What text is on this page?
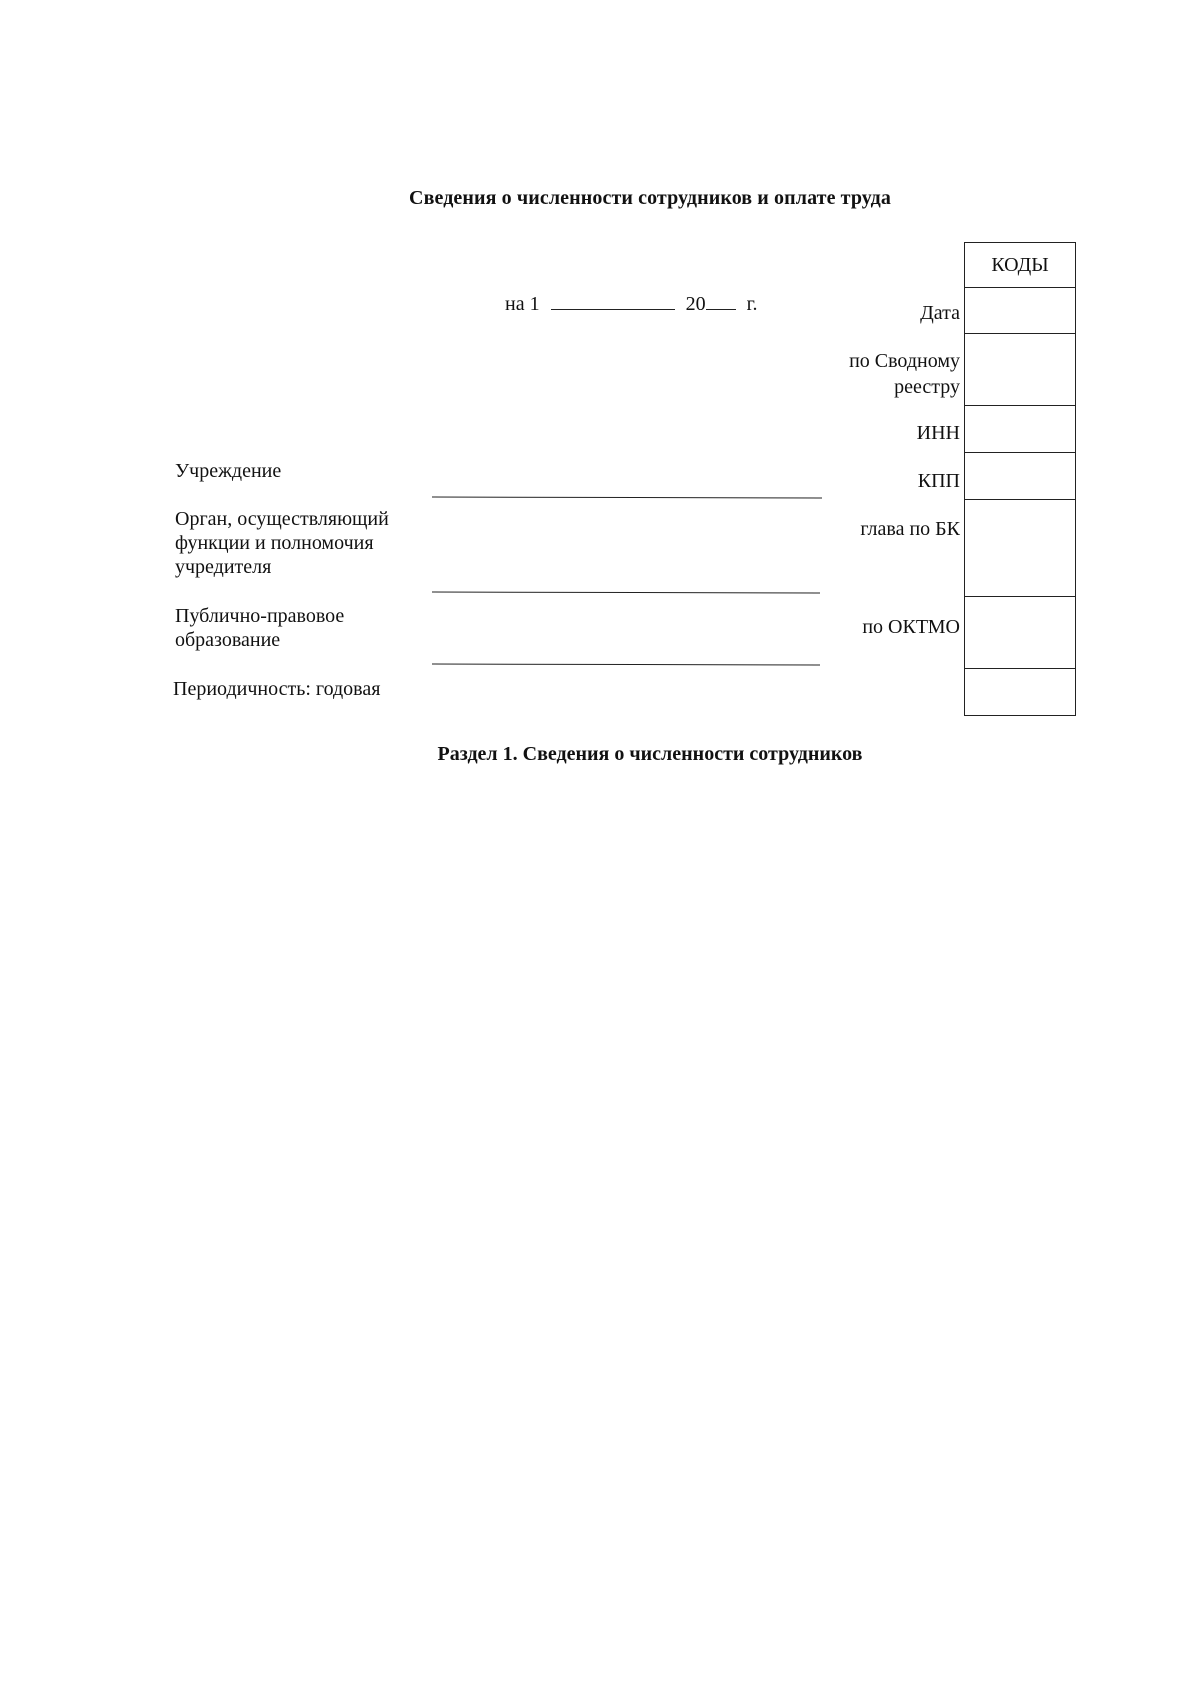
Сведения о численности сотрудников и оплате труда
на 1	20 г.
КОДЫ
Дата
по Сводному
реестру
ИНН
КПП
глава по БК
по ОКТМО
Учреждение
Орган, осуществляющий
функции и полномочия
учредителя
Публично-правовое
образование
Периодичность: годовая
Раздел 1. Сведения о численности сотрудников
